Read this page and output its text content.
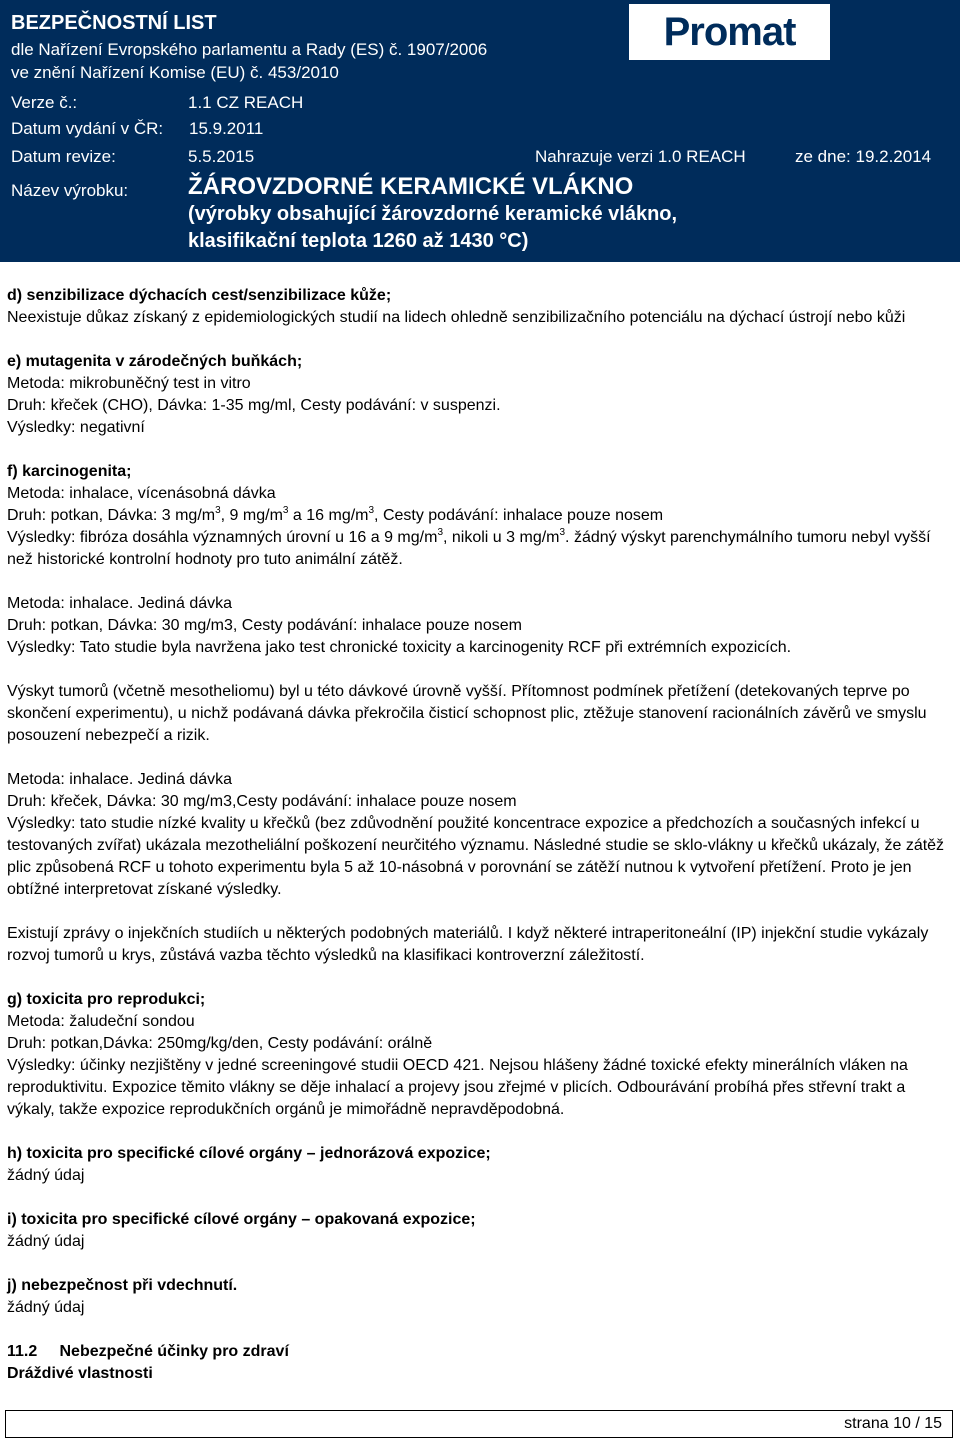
BEZPEČNOSTNÍ LIST
dle Nařízení Evropského parlamentu a Rady (ES) č. 1907/2006
ve znění Nařízení Komise (EU) č. 453/2010
Promat
Verze č.:	1.1 CZ REACH
Datum vydání v ČR: 15.9.2011
Datum revize:	5.5.2015	Nahrazuje verzi 1.0 REACH	ze dne: 19.2.2014
Název výrobku: ŽÁROVZDORNÉ KERAMICKÉ VLÁKNO
(výrobky obsahující žárovzdorné keramické vlákno,
klasifikační teplota 1260 až 1430 °C)

d) senzibilizace dýchacích cest/senzibilizace kůže;

Neexistuje důkaz získaný z epidemiologických studií na lidech ohledně senzibilizačního potenciálu na dýchací ústrojí nebo kůži

e) mutagenita v zárodečných buňkách;

Metoda: mikrobuněčný test in vitro

Druh: křeček (CHO), Dávka: 1-35 mg/ml, Cesty podávání: v suspenzi.

Výsledky: negativní

f) karcinogenita;

Metoda: inhalace, vícenásobná dávka

Druh: potkan, Dávka: 3 $mg/m^3$, 9 $mg/m^3$ a 16 $mg/m^3$, Cesty podávání: inhalace pouze nosem

Výsledky: fibróza dosáhla významných úrovní u 16 a 9 $mg/m^3$, nikoli u 3 $mg/m^3$. žádný výskyt parenchymálního tumoru nebyl vyšší než historické kontrolní hodnoty pro tuto animální zátěž.

Metoda: inhalace. Jediná dávka

Druh: potkan, Dávka: 30 mg/m3, Cesty podávání: inhalace pouze nosem

Výsledky: Tato studie byla navržena jako test chronické toxicity a karcinogenity RCF při extrémních expozicích.

Výskyt tumorů (včetně mesotheliomu) byl u této dávkové úrovně vyšší. Přítomnost podmínek přetížení (detekovaných teprve po skončení experimentu), u nichž podávaná dávka překročila čisticí schopnost plic, ztěžuje stanovení racionálních závěrů ve smyslu posouzení nebezpečí a rizik.

Metoda: inhalace. Jediná dávka

Druh: křeček, Dávka: 30 mg/m3,Cesty podávání: inhalace pouze nosem

Výsledky: tato studie nízké kvality u křečků (bez zdůvodnění použité koncentrace expozice a předchozích a současných infekcí u testovaných zvířat) ukázala mezotheliální poškození neurčitého významu. Následné studie se sklo-vlákny u křečků ukázaly, že zátěž plic způsobená RCF u tohoto experimentu byla 5 až 10-násobná v porovnání se zátěží nutnou k vytvoření přetížení. Proto je jen obtížné interpretovat získané výsledky.

Existují zprávy o injekčních studiích u některých podobných materiálů. I když některé intraperitoneální (IP) injekční studie vykázaly rozvoj tumorů u krys, zůstává vazba těchto výsledků na klasifikaci kontroverzní záležitostí.

g) toxicita pro reprodukci;

Metoda: žaludeční sondou

Druh: potkan,Dávka: 250mg/kg/den, Cesty podávání: orálně

Výsledky: účinky nezjištěny v jedné screeningové studii OECD 421. Nejsou hlášeny žádné toxické efekty minerálních vláken na reproduktivitu. Expozice těmito vlákny se děje inhalací a projevy jsou zřejmé v plicích. Odbourávání probíhá přes střevní trakt a výkaly, takže expozice reprodukčních orgánů je mimořádně nepravděpodobná.

h) toxicita pro specifické cílové orgány – jednorázová expozice;

žádný údaj

i) toxicita pro specifické cílové orgány – opakovaná expozice;

žádný údaj

j) nebezpečnost při vdechnutí.

žádný údaj

11.2     Nebezpečné účinky pro zdraví

Dráždivé vlastnosti

strana 10 / 15
